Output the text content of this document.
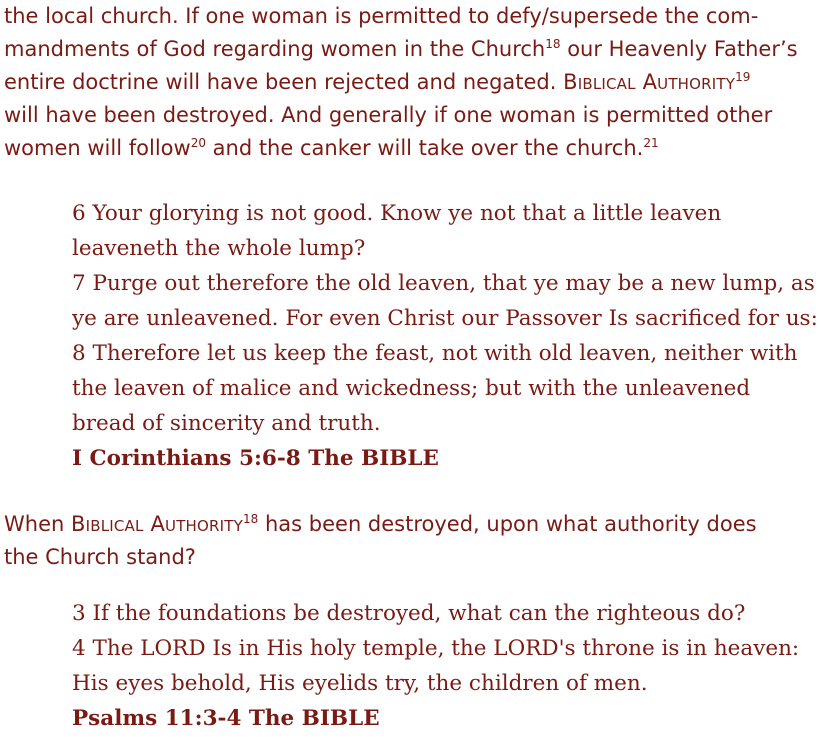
the local church. If one woman is permitted to defy/supersede the com-
mandments of God regarding women in the Church$^{18}$ our Heavenly Father’s
entire doctrine will have been rejected and negated. Biblical Authority$^{19}$
will have been destroyed. And generally if one woman is permitted other
women will follow$^{20}$ and the canker will take over the church.$^{21}$
6 Your glorying is not good. Know ye not that a little leaven
leaveneth the whole lump?
7 Purge out therefore the old leaven, that ye may be a new lump, as
ye are unleavened. For even Christ our Passover Is sacrificed for us:
8 Therefore let us keep the feast, not with old leaven, neither with
the leaven of malice and wickedness; but with the unleavened
bread of sincerity and truth.
I Corinthians 5:6-8 The BIBLE
When Biblical Authority$^{18}$ has been destroyed, upon what authority does
the Church stand?
3 If the foundations be destroyed, what can the righteous do?
4 The LORD Is in His holy temple, the LORD's throne is in heaven:
His eyes behold, His eyelids try, the children of men.
Psalms 11:3-4 The BIBLE
